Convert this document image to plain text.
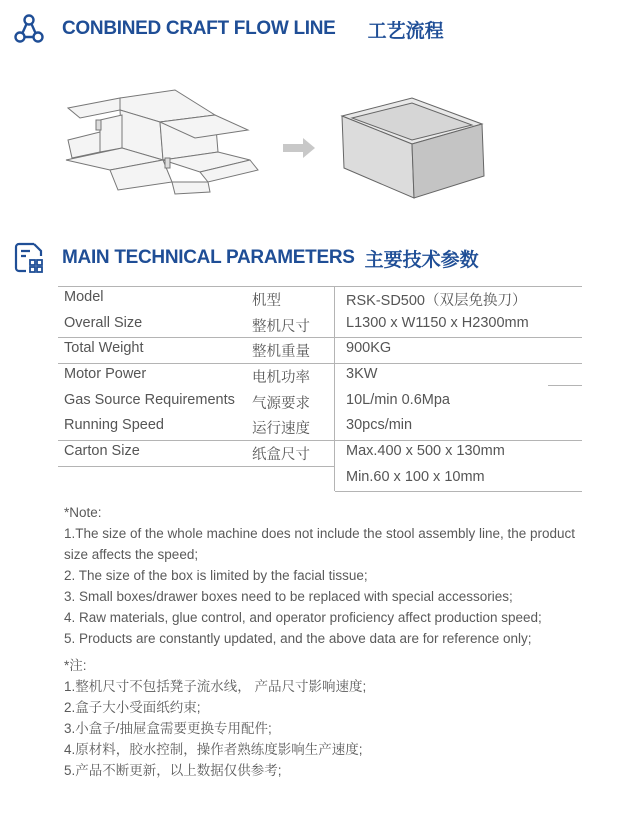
CONBINED CRAFT FLOW LINE 工艺流程
MAIN TECHNICAL PARAMETERS 主要技术参数
Model	机型	RSK-SD500（双层免换刀）
Overall Size	整机尺寸 L1300 x W1150 x H2300mm
Total Weight	整机重量 900KG
Motor Power	电机功率 3KW
Gas Source Requirements 气源要求 10L/min 0.6Mpa
Running Speed	运行速度 30pcs/min
Carton Size	纸盒尺寸 Max.400 x 500 x 130mm
Min.60 x 100 x 10mm

*Note:

1.The size of the whole machine does not include the stool assembly line, the product size affects the speed;

2. The size of the box is limited by the facial tissue;

3. Small boxes/drawer boxes need to be replaced with special accessories;

4. Raw materials, glue control, and operator proficiency affect production speed;

5. Products are constantly updated, and the above data are for reference only;

*注:

1.整机尺寸不包括凳子流水线， 产品尺寸影响速度;

2.盒子大小受面纸约束;

3.小盒子/抽屉盒需要更换专用配件;

4.原材料，胶水控制，操作者熟练度影响生产速度;

5.产品不断更新，以上数据仅供参考;
